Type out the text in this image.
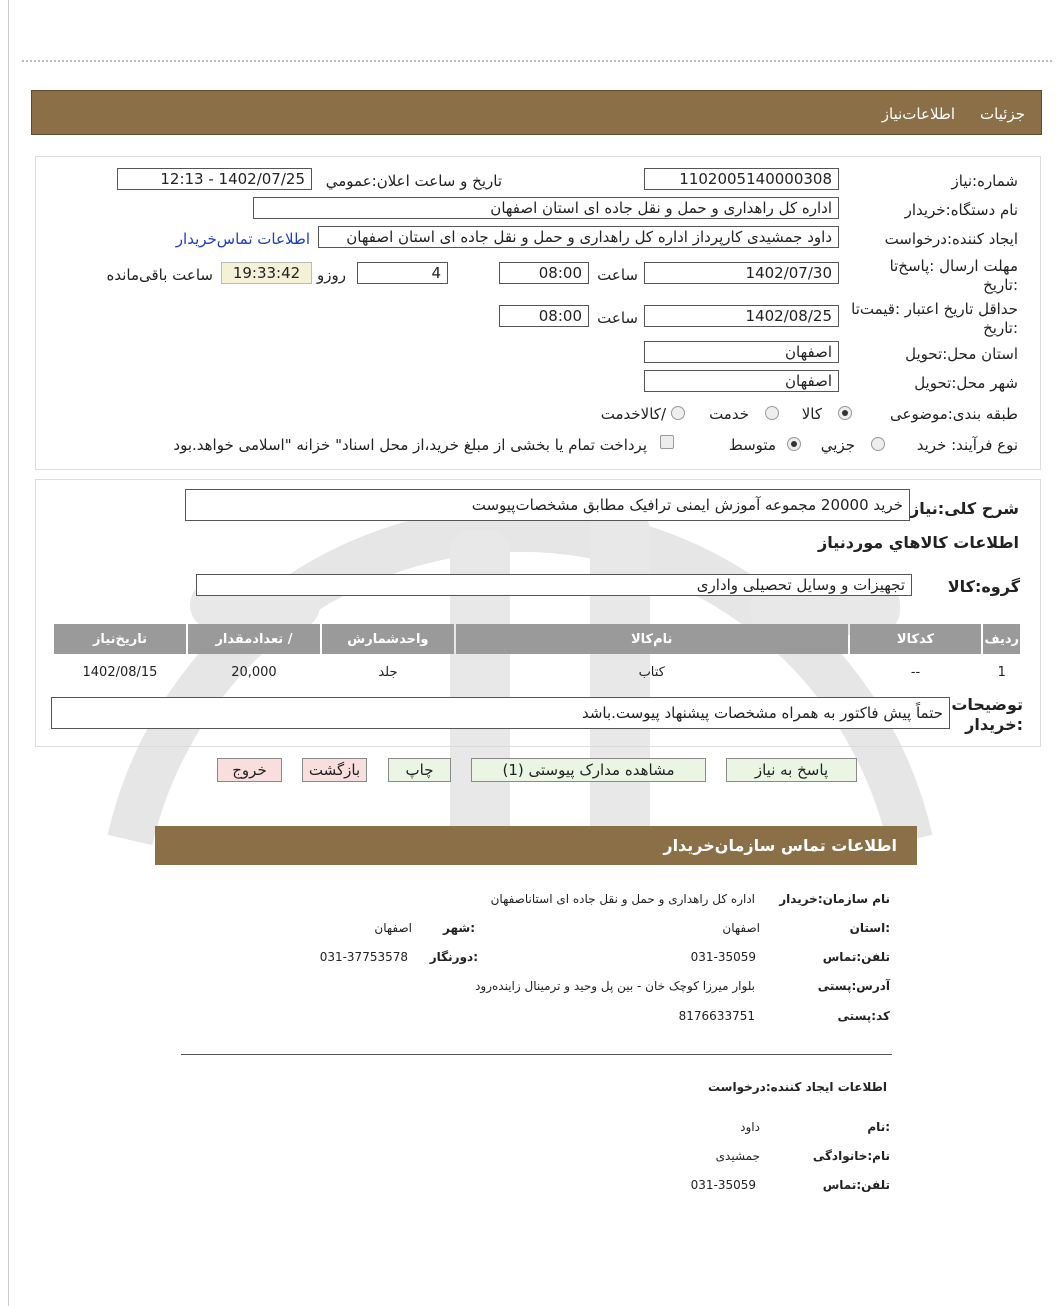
اطلاعات‌نیاز جزئیات
شماره:نیاز
1102005140000308
تاریخ و ساعت اعلان:عمومي
12:13 - 1402/07/25
نام دستگاه:خریدار
اداره کل راهداری و حمل و نقل جاده ای استان اصفهان
ایجاد کننده:درخواست
داود جمشیدی کارپرداز اداره کل راهداری و حمل و نقل جاده ای استان اصفهان
اطلاعات تماس‌خریدار
مهلت ارسال :پاسخ‌تا
:تاریخ
1402/07/30
ساعت
08:00
4
روزو
19:33:42
ساعت باقی‌مانده
حداقل تاریخ اعتبار :قیمت‌تا
:تاریخ
1402/08/25
ساعت
08:00
استان محل:تحویل
اصفهان
شهر محل:تحویل
اصفهان
طبقه بندی:موضوعی
کالا
خدمت
/کالاخدمت
نوع فرآیند: خرید
جزيي
متوسط
پرداخت تمام یا بخشی از مبلغ خرید،از محل اسناد" خزانه "اسلامی خواهد.بود
شرح کلی:نیاز
خرید 20000 مجموعه آموزش ایمنی ترافیک مطابق مشخصات‌پیوست
اطلاعات کالاهاي موردنیاز
گروه:کالا
تجهیزات و وسایل تحصیلی واداری
ردیف	کدکالا	نام‌کالا	واحدشمارش	/ تعدادمقدار	تاریخ‌نیاز
1	--	کتاب	جلد	20,000	1402/08/15
توضیحات
:خریدار
حتماً پیش فاکتور به همراه مشخصات پیشنهاد پیوست.باشد
پاسخ به نیاز
مشاهده مدارک پیوستی (1)
چاپ
بازگشت
خروج
اطلاعات تماس سازمان‌خریدار
نام سازمان:خریدار
اداره کل راهداری و حمل و نقل جاده ای استاناصفهان
:استان
اصفهان
:شهر
اصفهان
تلفن:تماس
031-35059
:دورنگار
031-37753578
آدرس:پستی
بلوار میرزا کوچک خان - بین پل وحید و ترمینال زاینده‌رود
کد:پستی
8176633751
اطلاعات ایجاد کننده:درخواست
:نام
داود
نام:خانوادگی
جمشیدی
تلفن:تماس
031-35059
